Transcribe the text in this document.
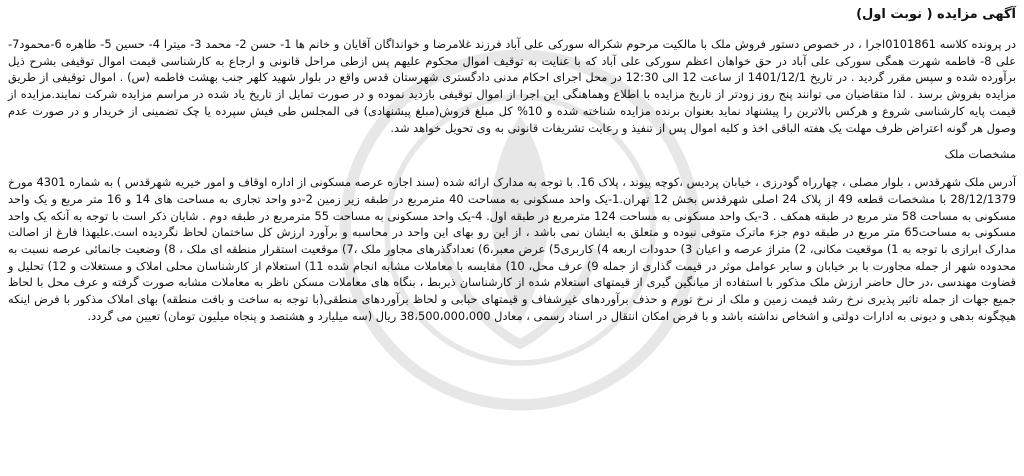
آگهی مزایده ( نوبت اول)

در پرونده کلاسه 0101861اجرا ، در خصوص دستور فروش ملک با مالکیت مرحوم شکراله سورکی علی آباد فرزند غلامرضا و خوانداگان آقایان و خانم ها 1- حسن 2- محمد 3- میترا 4- حسین 5- طاهره 6-محمود7- علی 8- فاطمه شهرت همگی سورکی علی آباد در حق خواهان اعظم سورکی علی آباد که با عنایت به توقیف اموال محکوم علیهم پس ازطی مراحل قانونی و ارجاع به کارشناسی قیمت اموال توقیفی بشرح ذیل برآورده شده و سپس مقرر گردید . در تاریخ 1401/12/1 از ساعت 12 الی 12:30 در محل اجرای احکام مدنی دادگستری شهرستان قدس واقع در بلوار شهید کلهر جنب بهشت فاطمه (س) . اموال توقیفی از طریق مزایده بفروش برسد . لذا متقاضیان می توانند پنج روز زودتر از تاریخ مزایده با اطلاع وهماهنگی این اجرا از اموال توقیفی بازدید نموده و در صورت تمایل از تاریخ یاد شده در مراسم مزایده شرکت نمایند.مزایده از قیمت پایه کارشناسی شروع و هرکس بالاترین را پیشنهاد نماید بعنوان برنده مزایده شناخته شده و 10% کل مبلغ فروش(مبلغ پیشنهادی) فی المجلس طی فیش سپرده یا چک تضمینی از خریدار و در صورت عدم وصول هر گونه اعتراض ظرف مهلت یک هفته الباقی اخذ و کلیه اموال پس از تنفیذ و رعایت تشریفات قانونی به وی تحویل خواهد شد.

مشخصات ملک

آدرس ملک شهرقدس ، بلوار مصلی ، چهارراه گودرزی ، خیابان پردیس ،کوچه پیوند ، پلاک 16. با توجه به مدارک ارائه شده (سند اجاره عرصه مسکونی از اداره اوقاف و امور خیریه شهرقدس ) به شماره 4301 مورخ 28/12/1379 با مشخصات قطعه 49 از پلاک 24 اصلی شهرقدس بخش 12 تهران.1-یک واحد مسکونی به مساحت 40 مترمربع در طبقه زیر زمین 2-دو واحد تجاری به مساحت های 14 و 16 متر مربع و یک واحد مسکونی به مساحت 58 متر مربع در طبقه همکف . 3-یک واحد مسکونی به مساحت 124 مترمربع در طبقه اول. 4-یک واحد مسکونی به مساحت 55 مترمربع در طبقه دوم . شایان ذکر است با توجه به آنکه یک واحد مسکونی به مساحت65 متر مربع در طبقه دوم جزء ماترک متوفی نبوده و متعلق به ایشان نمی باشد ، از این رو بهای این واحد در محاسبه و برآورد ارزش کل ساختمان لحاظ نگردیده است.علیهذا فارغ از اصالت مدارک ابرازی با توجه به 1) موقعیت مکانی، 2) متراژ عرصه و اعیان 3) حدودات اربعه 4) کاربری5) عرض معبر،6) تعدادگذرهای مجاور ملک ،7) موقعیت استقرار منطقه ای ملک ، 8) وضعیت جانمائی عرصه نسبت به محدوده شهر از جمله مجاورت با بر خیابان و سایر عوامل موثر در قیمت گذاری از جمله 9) عرف محل، 10) مقایسه با معاملات مشابه انجام شده 11) استعلام از کارشناسان محلی املاک و مستغلات و 12) تحلیل و قضاوت مهندسی ،در حال حاضر ارزش ملک مذکور با استفاده از میانگین گیری از قیمتهای استعلام شده از کارشناسان ذیربط ، بنگاه های معاملات مسکن ناظر به معاملات مشابه صورت گرفته و عرف محل با لحاظ جمیع جهات از جمله تاثیر پذیری نرخ رشد قیمت زمین و ملک از نرخ تورم و حذف برآوردهای غیرشفاف و قیمتهای حبابی و لحاظ برآوردهای منطقی(با توجه به ساخت و بافت منطقه) بهای املاک مذکور با فرض اینکه هیچگونه بدهی و دیونی به ادارات دولتی و اشخاص نداشته باشد و با فرض امکان انتقال در اسناد رسمی ، معادل 38،500،000،000 ریال (سه میلیارد و هشتصد و پنجاه میلیون تومان) تعیین می گردد.
